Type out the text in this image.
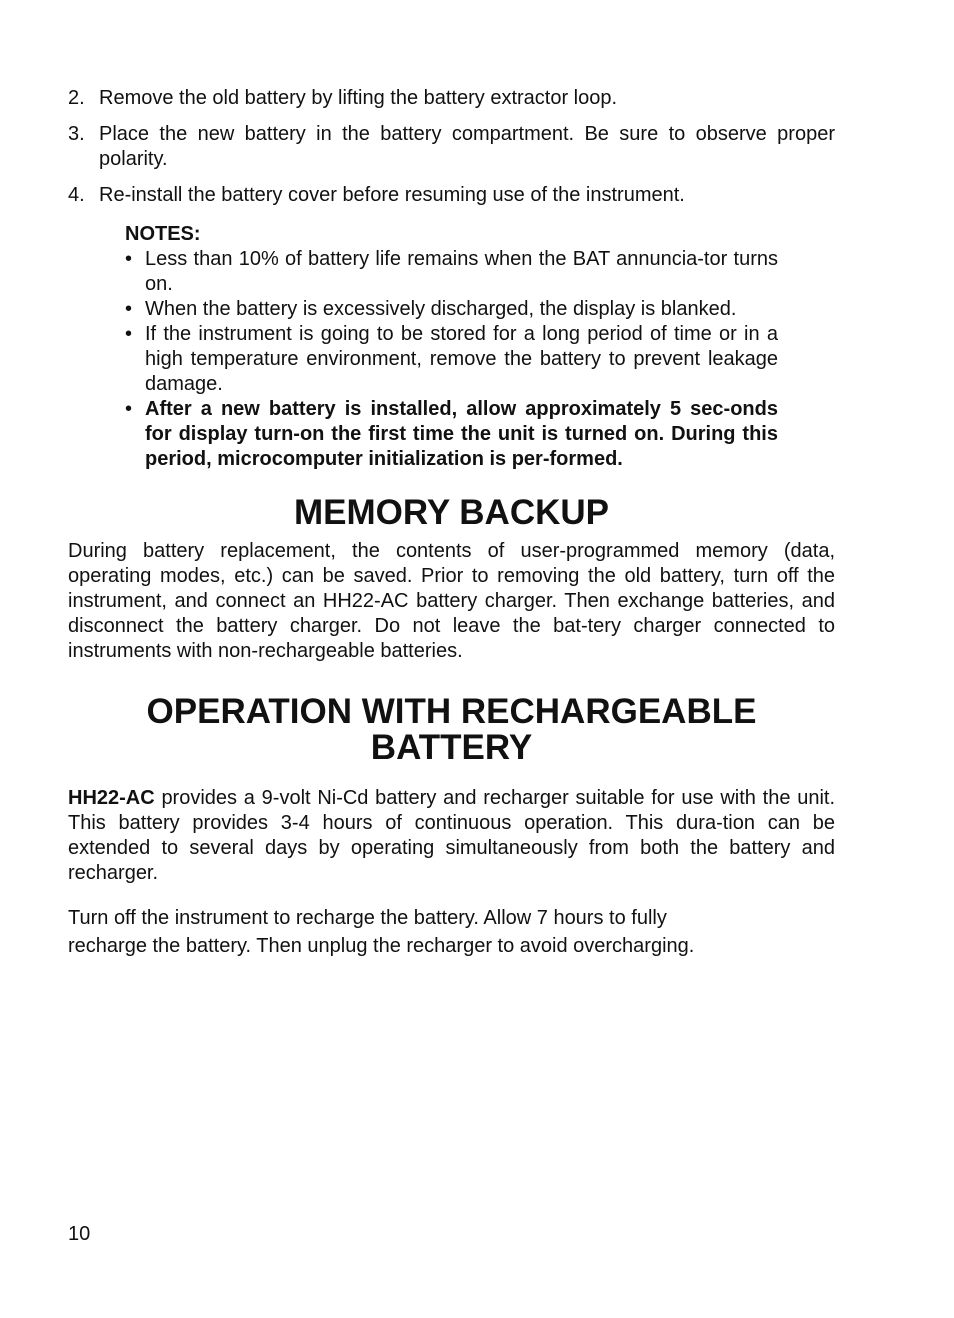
2. Remove the old battery by lifting the battery extractor loop.
3. Place the new battery in the battery compartment. Be sure to observe proper polarity.
4. Re-install the battery cover before resuming use of the instrument.
NOTES:
• Less than 10% of battery life remains when the BAT annuncia-tor turns on.
• When the battery is excessively discharged, the display is blanked.
• If the instrument is going to be stored for a long period of time or in a high temperature environment, remove the battery to prevent leakage damage.
• After a new battery is installed, allow approximately 5 sec-onds for display turn-on the first time the unit is turned on. During this period, microcomputer initialization is per-formed.
MEMORY BACKUP

During battery replacement, the contents of user-programmed memory (data, operating modes, etc.) can be saved. Prior to removing the old battery, turn off the instrument, and connect an HH22-AC battery charger. Then exchange batteries, and disconnect the battery charger. Do not leave the bat-tery charger connected to instruments with non-rechargeable batteries.

OPERATION WITH RECHARGEABLE
BATTERY

HH22-AC provides a 9-volt Ni-Cd battery and recharger suitable for use with the unit. This battery provides 3-4 hours of continuous operation. This dura-tion can be extended to several days by operating simultaneously from both the battery and recharger.

Turn off the instrument to recharge the battery. Allow 7 hours to fully
recharge the battery. Then unplug the recharger to avoid overcharging.

10
